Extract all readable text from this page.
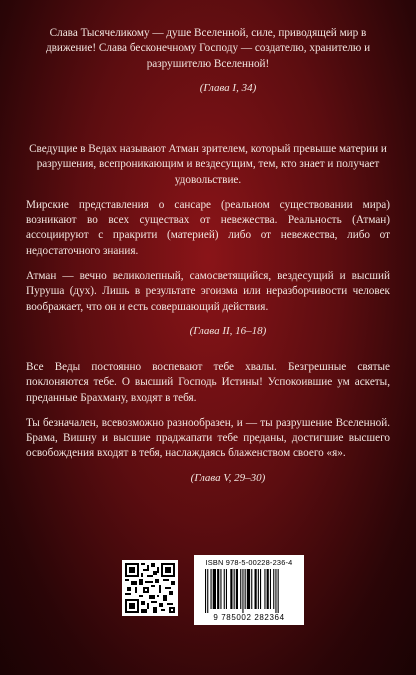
Слава Тысячеликому — душе Вселенной, силе, приводящей мир в движение! Слава бесконечному Господу — создателю, хранителю и разрушителю Вселенной!

(Глава I, 34)

Сведущие в Ведах называют Атман зрителем, который превыше материи и разрушения, всепроникающим и вездесущим, тем, кто знает и получает удовольствие.

Мирские представления о сансаре (реальном существовании мира) возникают во всех существах от невежества. Реальность (Атман) ассоциируют с пракрити (материей) либо от невежества, либо от недостаточного знания.

Атман — вечно великолепный, самосветящийся, вездесущий и высший Пуруша (дух). Лишь в результате эгоизма или неразборчивости человек воображает, что он и есть совершающий действия.

(Глава II, 16–18)

Все Веды постоянно воспевают тебе хвалы. Безгрешные святые поклоняются тебе. О высший Господь Истины! Успокоившие ум аскеты, преданные Брахману, входят в тебя.

Ты безначален, всевозможно разнообразен, и — ты разрушение Вселенной. Брама, Вишну и высшие праджапати тебе преданы, достигшие высшего освобождения входят в тебя, наслаждаясь блаженством своего «я».

(Глава V, 29–30)
ISBN 978-5-00228-236-4
9 785002 282364
